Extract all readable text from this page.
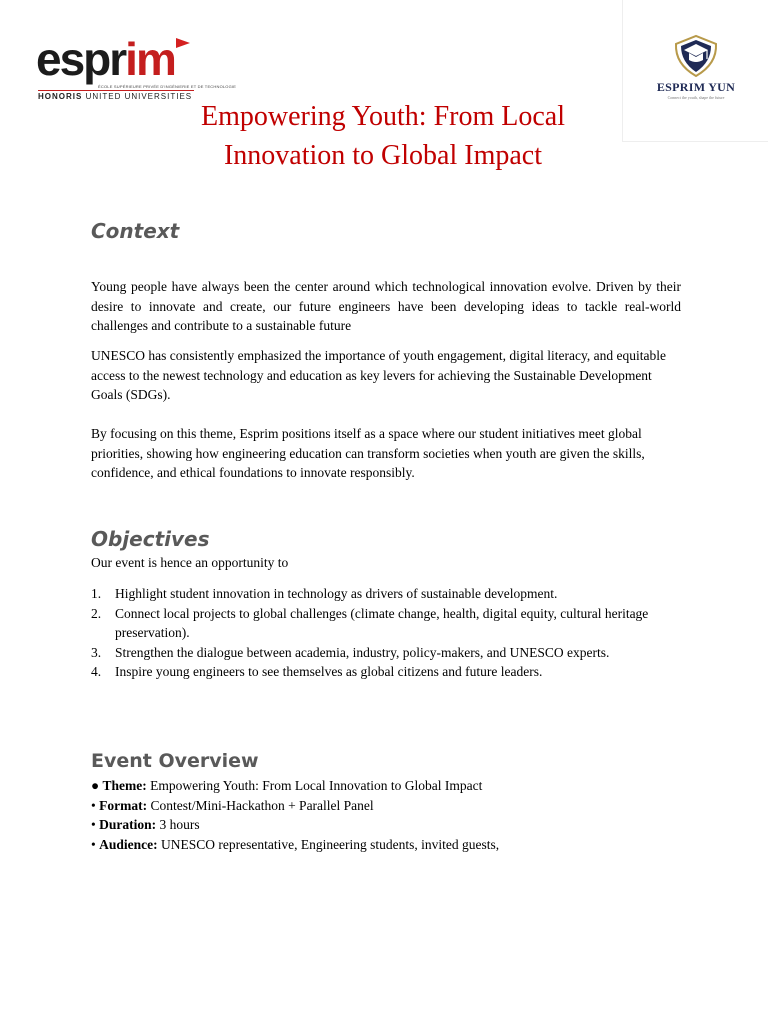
esprim
ÉCOLE SUPÉRIEURE PRIVÉE D'INGÉNIERIE ET DE TECHNOLOGIE
HONORIS UNITED UNIVERSITIES
ESPRIM YUN
Connect the youth, shape the future
Empowering Youth: From Local
Innovation to Global Impact
Context

Young people have always been the center around which technological innovation evolve. Driven by their desire to innovate and create, our future engineers have been developing ideas to tackle real-world challenges and contribute to a sustainable future

UNESCO has consistently emphasized the importance of youth engagement, digital literacy, and equitable access to the newest technology and education as key levers for achieving the Sustainable Development Goals (SDGs).

By focusing on this theme, Esprim positions itself as a space where our student initiatives meet global priorities, showing how engineering education can transform societies when youth are given the skills, confidence, and ethical foundations to innovate responsibly.

Objectives

Our event is hence an opportunity to

1. Highlight student innovation in technology as drivers of sustainable development.
2. Connect local projects to global challenges (climate change, health, digital equity, cultural heritage preservation).
3. Strengthen the dialogue between academia, industry, policy-makers, and UNESCO experts.
4. Inspire young engineers to see themselves as global citizens and future leaders.
Event Overview
● Theme: Empowering Youth: From Local Innovation to Global Impact
• Format: Contest/Mini-Hackathon + Parallel Panel
• Duration: 3 hours
• Audience: UNESCO representative, Engineering students, invited guests,
